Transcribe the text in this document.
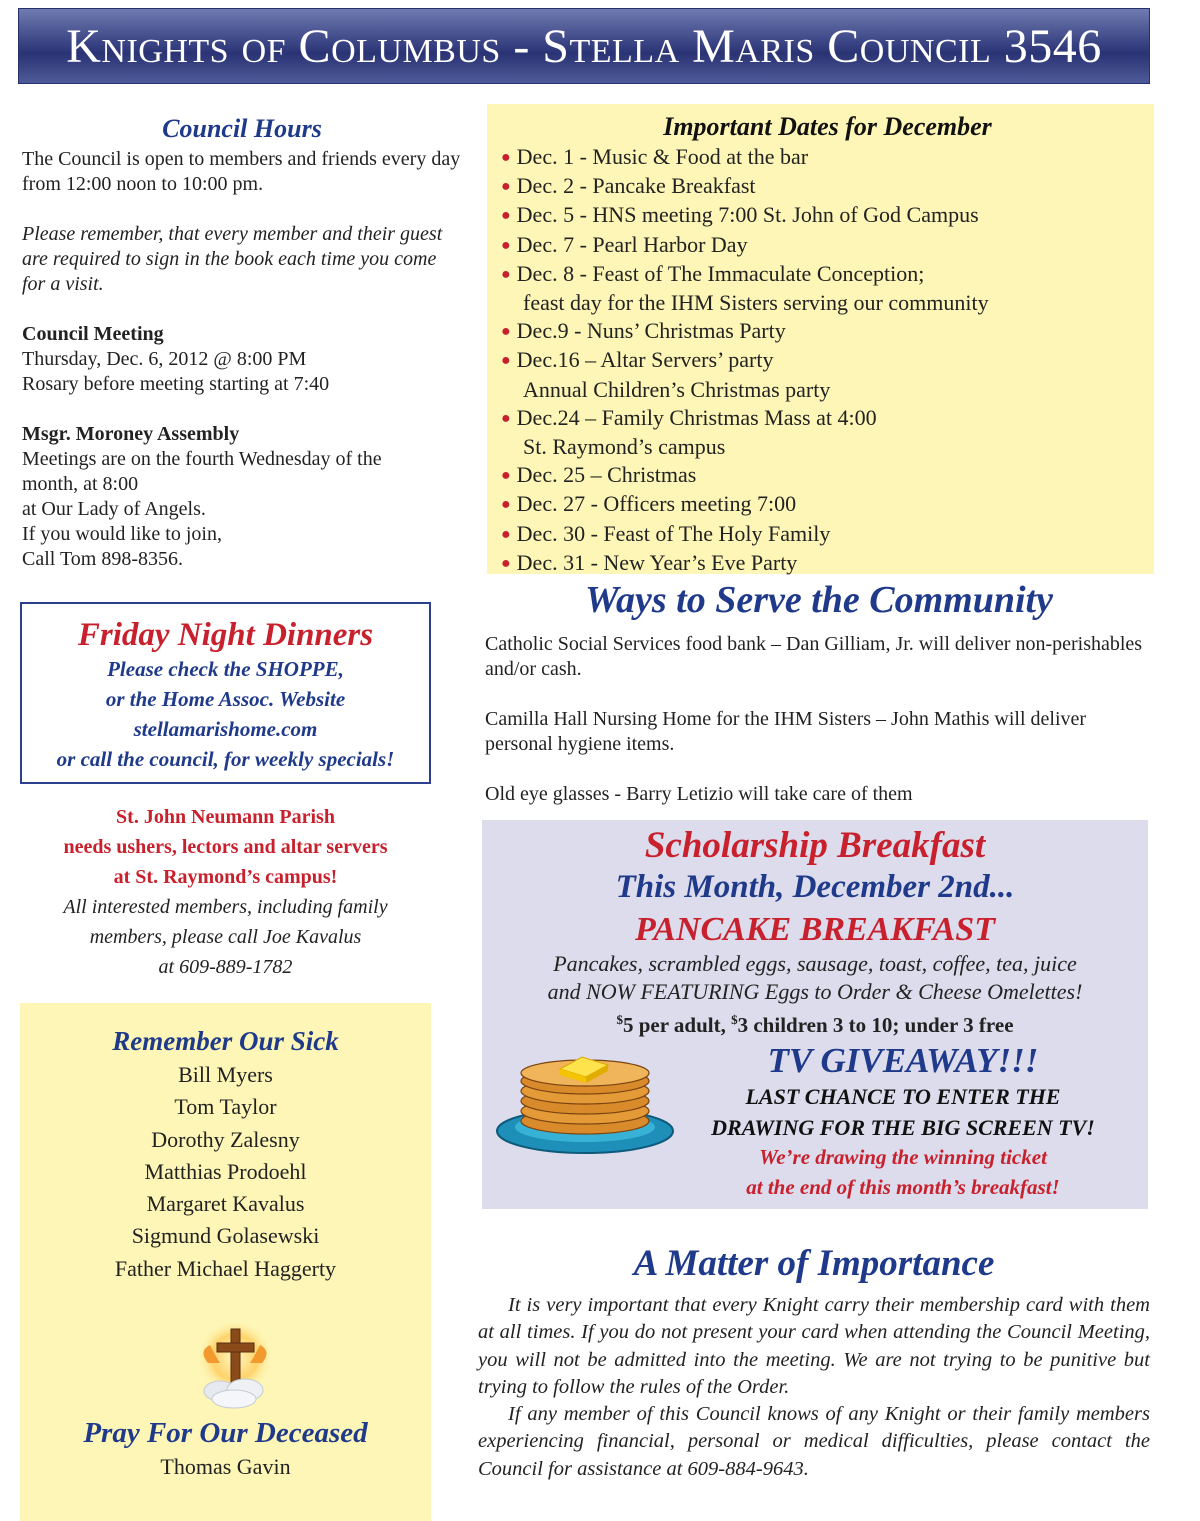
Knights of Columbus - Stella Maris Council 3546
Council Hours

The Council is open to members and friends every day from 12:00 noon to 10:00 pm.

Please remember, that every member and their guest are required to sign in the book each time you come for a visit.

Council Meeting
Thursday, Dec. 6, 2012 @ 8:00 PM
Rosary before meeting starting at 7:40
Msgr. Moroney Assembly
Meetings are on the fourth Wednesday of the
month, at 8:00
at Our Lady of Angels.
If you would like to join,
Call Tom 898-8356.
Friday Night Dinners
Please check the SHOPPE,
or the Home Assoc. Website
stellamarishome.com
or call the council, for weekly specials!
St. John Neumann Parish
needs ushers, lectors and altar servers
at St. Raymond’s campus!
All interested members, including family
members, please call Joe Kavalus
at 609-889-1782
Remember Our Sick
Bill Myers
Tom Taylor
Dorothy Zalesny
Matthias Prodoehl
Margaret Kavalus
Sigmund Golasewski
Father Michael Haggerty
Pray For Our Deceased
Thomas Gavin
Important Dates for December
● Dec. 1 - Music & Food at the bar
● Dec. 2 - Pancake Breakfast
● Dec. 5 - HNS meeting 7:00 St. John of God Campus
● Dec. 7 - Pearl Harbor Day
● Dec. 8 - Feast of The Immaculate Conception;
feast day for the IHM Sisters serving our community
● Dec.9 - Nuns’ Christmas Party
● Dec.16 – Altar Servers’ party
Annual Children’s Christmas party
● Dec.24 – Family Christmas Mass at 4:00
St. Raymond’s campus
● Dec. 25 – Christmas
● Dec. 27 - Officers meeting 7:00
● Dec. 30 - Feast of The Holy Family
● Dec. 31 - New Year’s Eve Party
Ways to Serve the Community

Catholic Social Services food bank – Dan Gilliam, Jr. will deliver non-perishables and/or cash.

Camilla Hall Nursing Home for the IHM Sisters – John Mathis will deliver personal hygiene items.

Old eye glasses - Barry Letizio will take care of them

Scholarship Breakfast
This Month, December 2nd...
PANCAKE BREAKFAST
Pancakes, scrambled eggs, sausage, toast, coffee, tea, juice
and NOW FEATURING Eggs to Order & Cheese Omelettes!
$5 per adult, $3 children 3 to 10; under 3 free
TV GIVEAWAY!!!
LAST CHANCE TO ENTER THE
DRAWING FOR THE BIG SCREEN TV!
We’re drawing the winning ticket
at the end of this month’s breakfast!
A Matter of Importance

It is very important that every Knight carry their membership card with them at all times. If you do not present your card when attending the Council Meeting, you will not be admitted into the meeting. We are not trying to be punitive but trying to follow the rules of the Order.

If any member of this Council knows of any Knight or their family members experiencing financial, personal or medical difficulties, please contact the Council for assistance at 609-884-9643.
